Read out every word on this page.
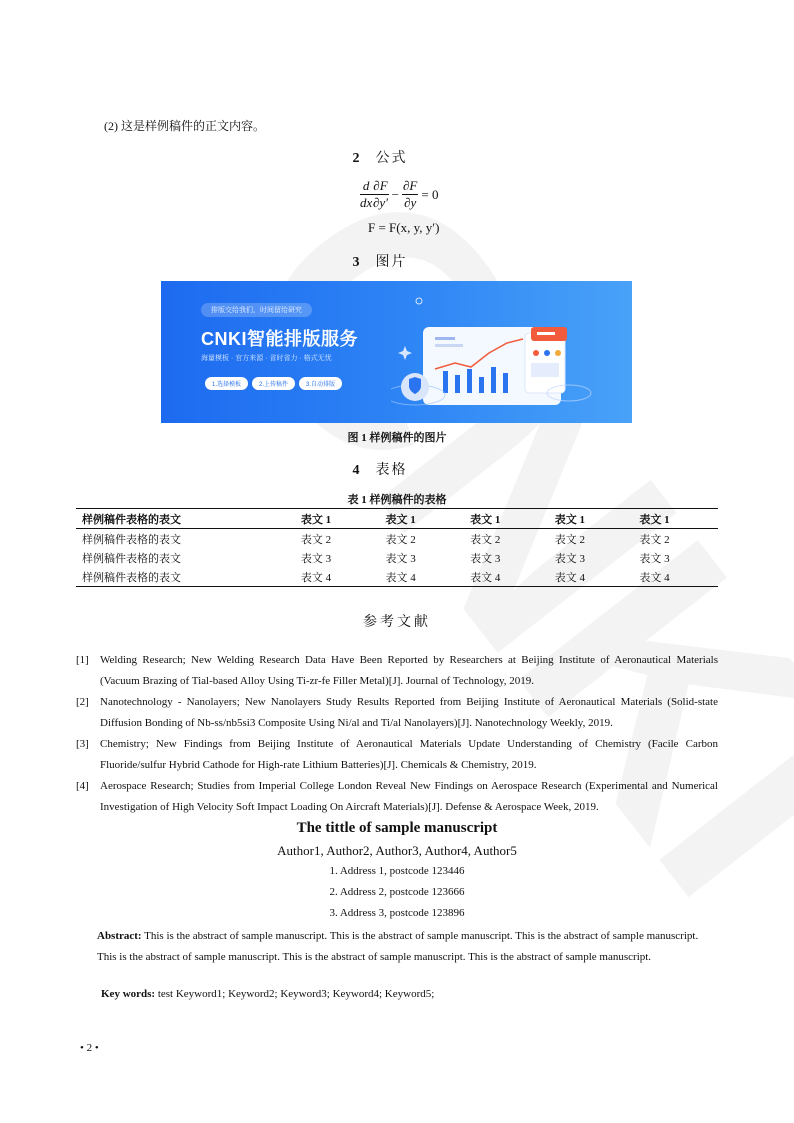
(2) 这是样例稿件的正文内容。
2 公式
$\frac{d}{dx} \frac{\partial F}{\partial y'} - \frac{\partial F}{\partial y} = 0$
F = F(x, y, y′)
3 图片
排版交给我们，时间留给研究
CNKI智能排版服务
海量模板 · 官方来源 · 省时省力 · 格式无忧
1.选择模板	2.上传稿件	3.自动排版
图 1 样例稿件的图片
4 表格
表 1 样例稿件的表格
样例稿件表格的表文	表文 1	表文 1	表文 1	表文 1	表文 1
样例稿件表格的表文	表文 2	表文 2	表文 2	表文 2	表文 2
样例稿件表格的表文	表文 3	表文 3	表文 3	表文 3	表文 3
样例稿件表格的表文	表文 4	表文 4	表文 4	表文 4	表文 4
参考文献
[1] Welding Research; New Welding Research Data Have Been Reported by Researchers at Beijing Institute of Aeronautical Materials (Vacuum Brazing of Tial-based Alloy Using Ti-zr-fe Filler Metal)[J]. Journal of Technology, 2019.
[2] Nanotechnology - Nanolayers; New Nanolayers Study Results Reported from Beijing Institute of Aeronautical Materials (Solid-state Diffusion Bonding of Nb-ss/nb5si3 Composite Using Ni/al and Ti/al Nanolayers)[J]. Nanotechnology Weekly, 2019.
[3] Chemistry; New Findings from Beijing Institute of Aeronautical Materials Update Understanding of Chemistry (Facile Carbon Fluoride/sulfur Hybrid Cathode for High-rate Lithium Batteries)[J]. Chemicals & Chemistry, 2019.
[4] Aerospace Research; Studies from Imperial College London Reveal New Findings on Aerospace Research (Experimental and Numerical Investigation of High Velocity Soft Impact Loading On Aircraft Materials)[J]. Defense & Aerospace Week, 2019.
The tittle of sample manuscript
Author1, Author2, Author3, Author4, Author5
1. Address 1, postcode 123446
2. Address 2, postcode 123666
3. Address 3, postcode 123896
Abstract: This is the abstract of sample manuscript. This is the abstract of sample manuscript. This is the abstract of sample manuscript. This is the abstract of sample manuscript. This is the abstract of sample manuscript. This is the abstract of sample manuscript.
Key words: test Keyword1; Keyword2; Keyword3; Keyword4; Keyword5;
• 2 •
